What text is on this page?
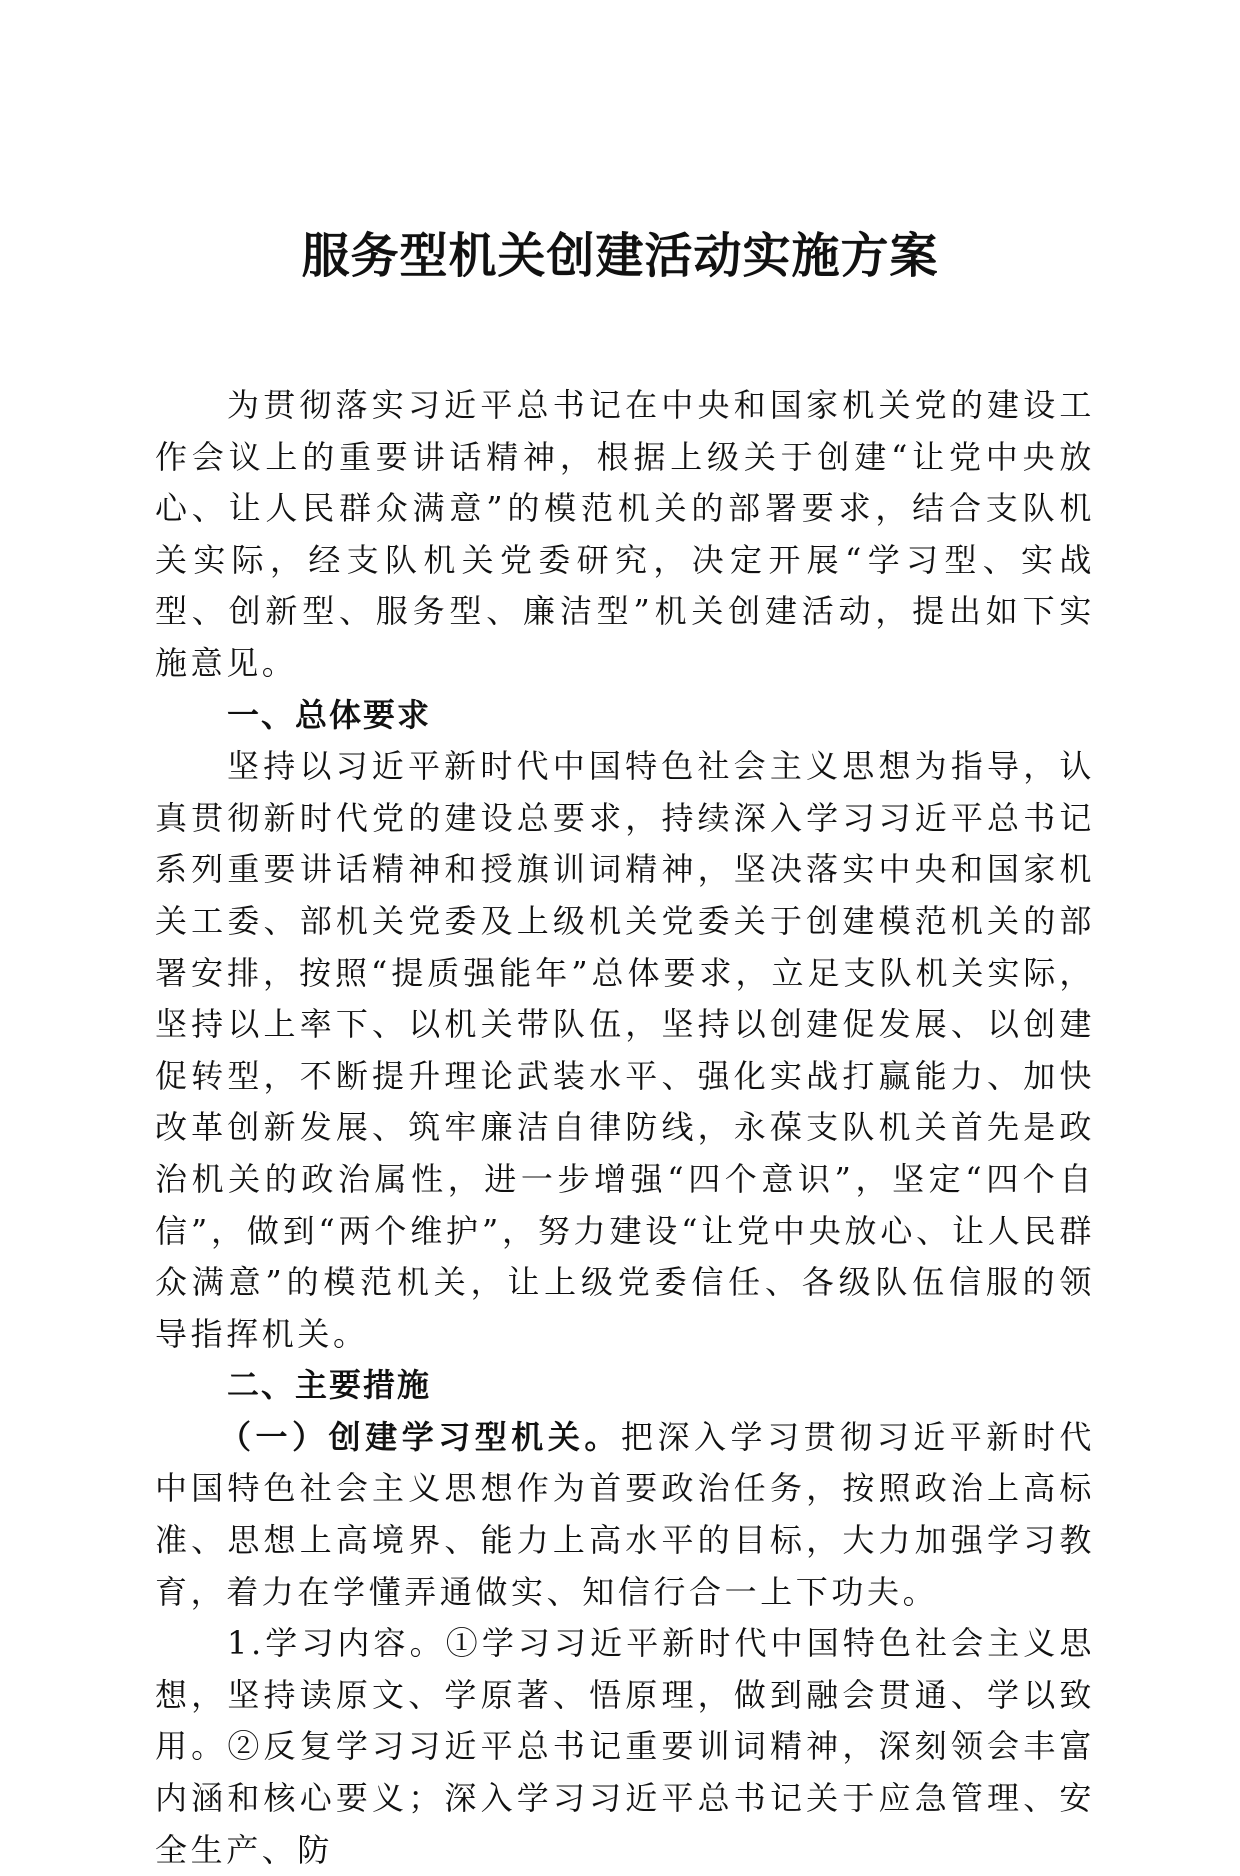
服务型机关创建活动实施方案

为贯彻落实习近平总书记在中央和国家机关党的建设工作会议上的重要讲话精神，根据上级关于创建“让党中央放心、让人民群众满意”的模范机关的部署要求，结合支队机关实际，经支队机关党委研究，决定开展“学习型、实战型、创新型、服务型、廉洁型”机关创建活动，提出如下实施意见。

一、总体要求

坚持以习近平新时代中国特色社会主义思想为指导，认真贯彻新时代党的建设总要求，持续深入学习习近平总书记系列重要讲话精神和授旗训词精神，坚决落实中央和国家机关工委、部机关党委及上级机关党委关于创建模范机关的部署安排，按照“提质强能年”总体要求，立足支队机关实际，坚持以上率下、以机关带队伍，坚持以创建促发展、以创建促转型，不断提升理论武装水平、强化实战打赢能力、加快改革创新发展、筑牢廉洁自律防线，永葆支队机关首先是政治机关的政治属性，进一步增强“四个意识”，坚定“四个自信”，做到“两个维护”，努力建设“让党中央放心、让人民群众满意”的模范机关，让上级党委信任、各级队伍信服的领导指挥机关。

二、主要措施

（一）创建学习型机关。把深入学习贯彻习近平新时代中国特色社会主义思想作为首要政治任务，按照政治上高标准、思想上高境界、能力上高水平的目标，大力加强学习教育，着力在学懂弄通做实、知信行合一上下功夫。

1.学习内容。①学习习近平新时代中国特色社会主义思想，坚持读原文、学原著、悟原理，做到融会贯通、学以致用。②反复学习习近平总书记重要训词精神，深刻领会丰富内涵和核心要义；深入学习习近平总书记关于应急管理、安全生产、防
